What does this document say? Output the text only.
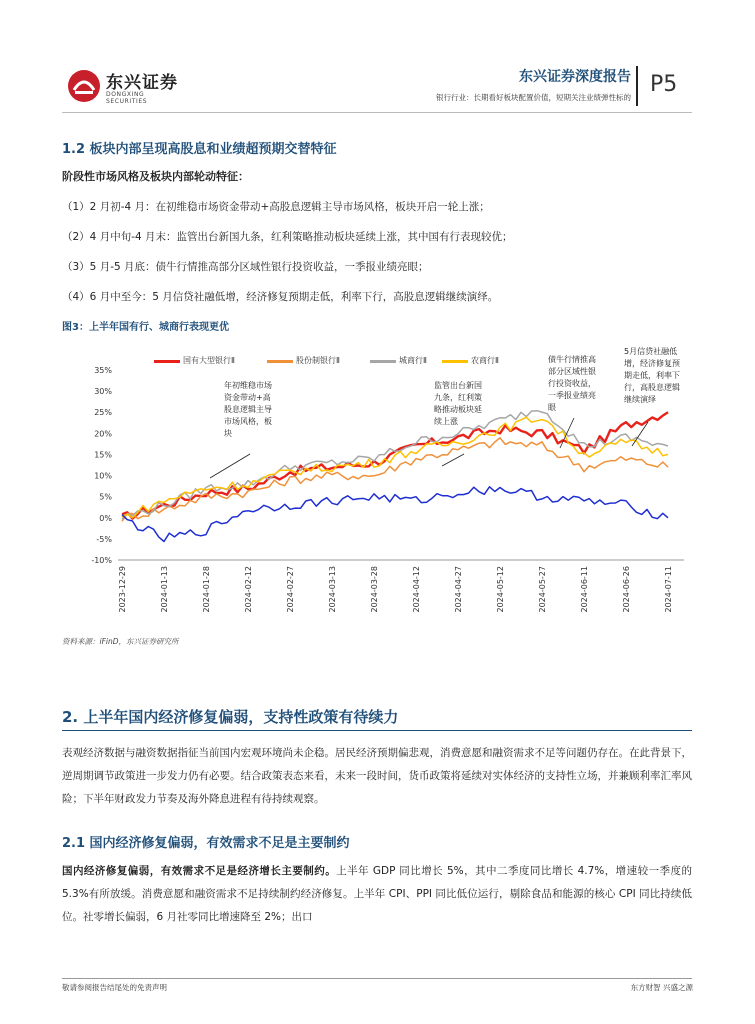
东兴证券
DONGXING SECURITIES
东兴证券深度报告
银行行业：长期看好板块配置价值，短期关注业绩弹性标的
P5
1.2 板块内部呈现高股息和业绩超预期交替特征
阶段性市场风格及板块内部轮动特征：
（1）2 月初-4 月：在初维稳市场资金带动+高股息逻辑主导市场风格，板块开启一轮上涨；
（2）4 月中旬-4 月末：监管出台新国九条，红利策略推动板块延续上涨，其中国有行表现较优；
（3）5 月-5 月底：债牛行情推高部分区域性银行投资收益，一季报业绩亮眼；
（4）6 月中至今：5 月信贷社融低增，经济修复预期走低，利率下行，高股息逻辑继续演绎。
图3：上半年国有行、城商行表现更优
国有大型银行Ⅱ	股份制银行Ⅱ	城商行Ⅱ	农商行Ⅱ
35%
30%
25%
20%
15%
10%
5%
0%
-5%
-10%
2023-12-29	2024-01-13	2024-01-28	2024-02-12	2024-02-27	2024-03-13	2024-03-28	2024-04-12	2024-04-27	2024-05-12	2024-05-27	2024-06-11	2024-06-26	2024-07-11
年初维稳市场资金带动+高股息逻辑主导市场风格，板块
监管出台新国九条，红利策略推动板块延续上涨
债牛行情推高部分区域性银行投资收益，一季报业绩亮眼
5月信贷社融低增，经济修复预期走低，利率下行，高股息逻辑继续演绎
资料来源：iFinD，东兴证券研究所
2. 上半年国内经济修复偏弱，支持性政策有待续力
表观经济数据与融资数据指征当前国内宏观环境尚未企稳。居民经济预期偏悲观，消费意愿和融资需求不足等问题仍存在。在此背景下，逆周期调节政策进一步发力仍有必要。结合政策表态来看，未来一段时间，货币政策将延续对实体经济的支持性立场，并兼顾利率汇率风险；下半年财政发力节奏及海外降息进程有待持续观察。
2.1 国内经济修复偏弱，有效需求不足是主要制约
国内经济修复偏弱，有效需求不足是经济增长主要制约。上半年 GDP 同比增长 5%，其中二季度同比增长 4.7%，增速较一季度的 5.3%有所放缓。消费意愿和融资需求不足持续制约经济修复。上半年 CPI、PPI 同比低位运行，剔除食品和能源的核心 CPI 同比持续低位。社零增长偏弱，6 月社零同比增速降至 2%；出口
敬请参阅报告结尾处的免责声明	东方财智 兴盛之源
